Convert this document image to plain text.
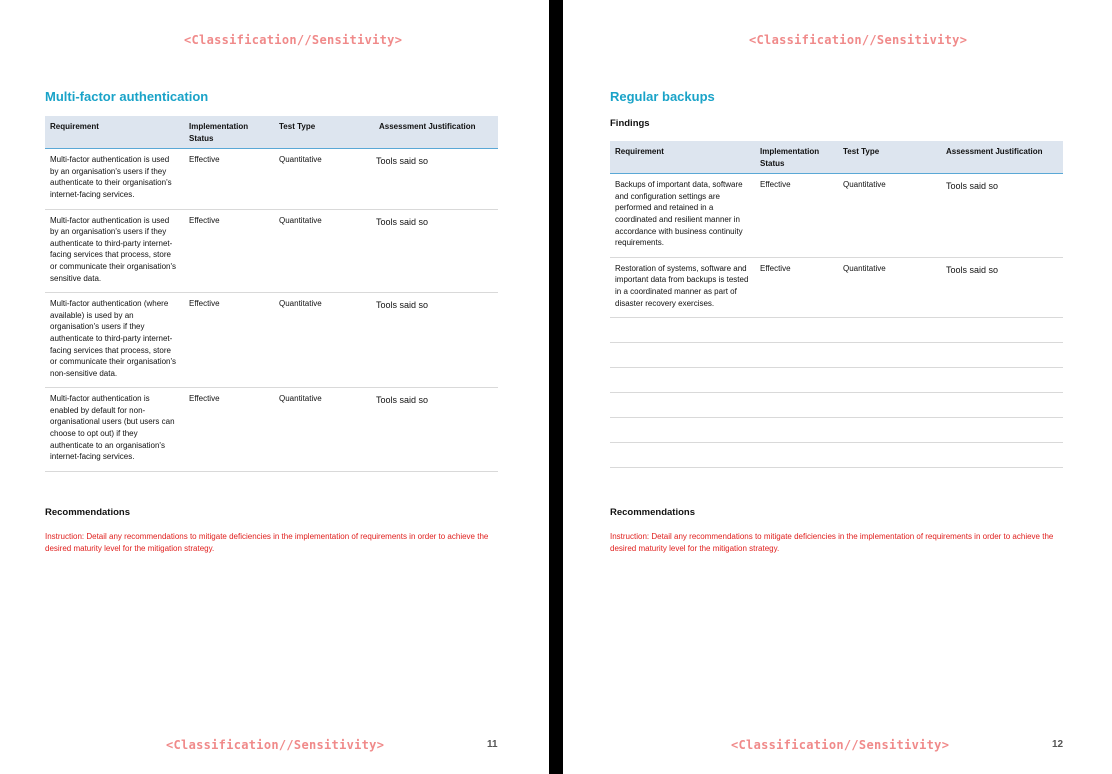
<Classification//Sensitivity>
Multi-factor authentication
Requirement	Implementation Status	Test Type	Assessment Justification
Multi-factor authentication is used by an organisation's users if they authenticate to their organisation's internet-facing services.	Effective	Quantitative	Tools said so
Multi-factor authentication is used by an organisation's users if they authenticate to third-party internet-facing services that process, store or communicate their organisation's sensitive data.	Effective	Quantitative	Tools said so
Multi-factor authentication (where available) is used by an organisation's users if they authenticate to third-party internet-facing services that process, store or communicate their organisation's non-sensitive data.	Effective	Quantitative	Tools said so
Multi-factor authentication is enabled by default for non-organisational users (but users can choose to opt out) if they authenticate to an organisation's internet-facing services.	Effective	Quantitative	Tools said so
Recommendations
Instruction: Detail any recommendations to mitigate deficiencies in the implementation of requirements in order to achieve the desired maturity level for the mitigation strategy.
<Classification//Sensitivity>	11
<Classification//Sensitivity>
Regular backups
Findings
Requirement	Implementation Status	Test Type	Assessment Justification
Backups of important data, software and configuration settings are performed and retained in a coordinated and resilient manner in accordance with business continuity requirements.	Effective	Quantitative	Tools said so
Restoration of systems, software and important data from backups is tested in a coordinated manner as part of disaster recovery exercises.	Effective	Quantitative	Tools said so

Recommendations
Instruction: Detail any recommendations to mitigate deficiencies in the implementation of requirements in order to achieve the desired maturity level for the mitigation strategy.
<Classification//Sensitivity>	12
